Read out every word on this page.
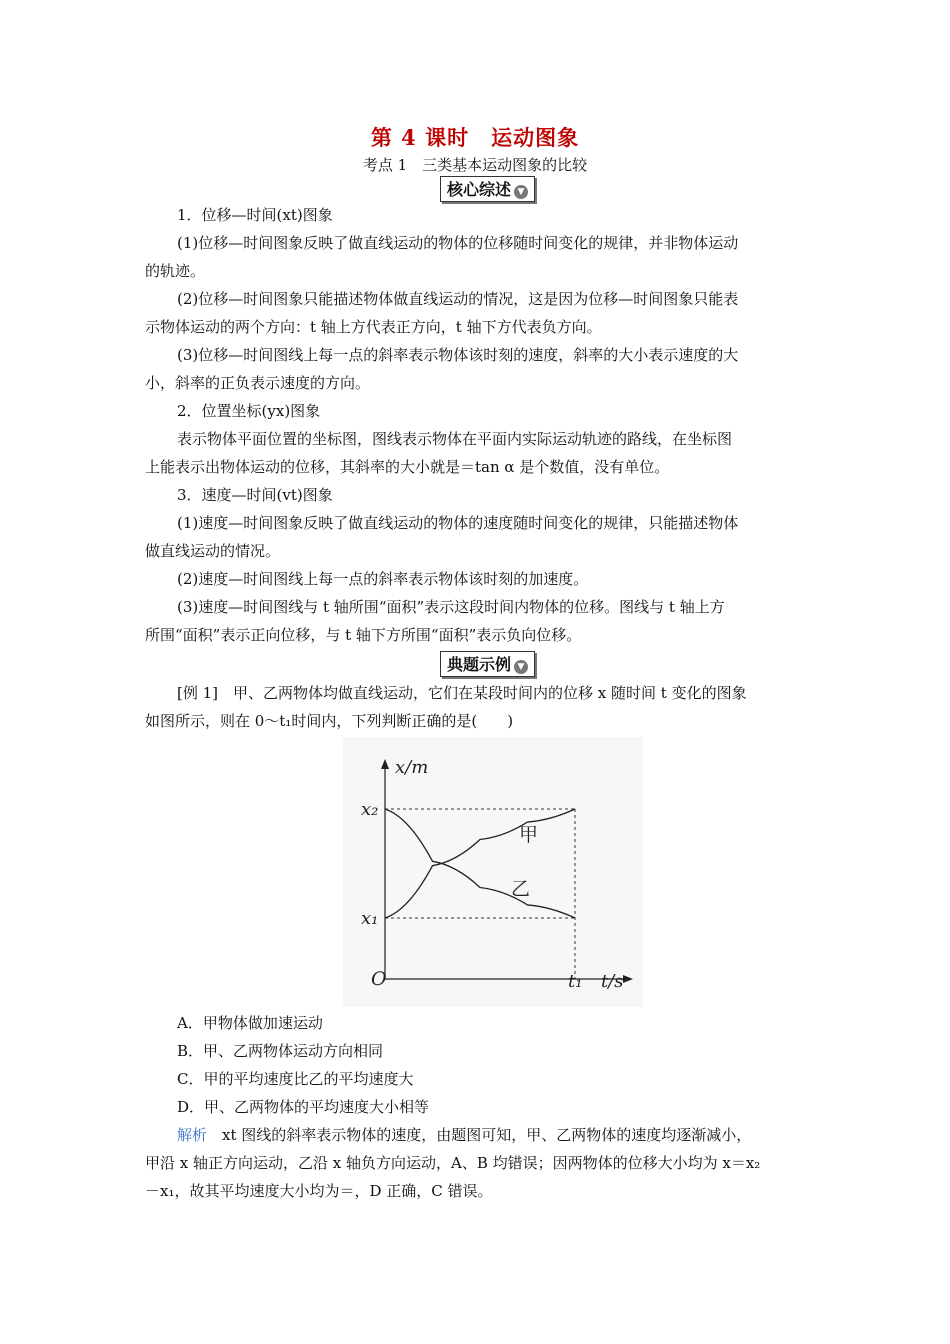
第 4 课时　运动图象
考点 1　三类基本运动图象的比较
核心综述 ▼
1．位移—时间(xt)图象
(1)位移—时间图象反映了做直线运动的物体的位移随时间变化的规律，并非物体运动
的轨迹。
(2)位移—时间图象只能描述物体做直线运动的情况，这是因为位移—时间图象只能表
示物体运动的两个方向：t 轴上方代表正方向，t 轴下方代表负方向。
(3)位移—时间图线上每一点的斜率表示物体该时刻的速度，斜率的大小表示速度的大
小，斜率的正负表示速度的方向。
2．位置坐标(yx)图象
表示物体平面位置的坐标图，图线表示物体在平面内实际运动轨迹的路线，在坐标图
上能表示出物体运动的位移，其斜率的大小就是＝tan α 是个数值，没有单位。
3．速度—时间(vt)图象
(1)速度—时间图象反映了做直线运动的物体的速度随时间变化的规律，只能描述物体
做直线运动的情况。
(2)速度—时间图线上每一点的斜率表示物体该时刻的加速度。
(3)速度—时间图线与 t 轴所围“面积”表示这段时间内物体的位移。图线与 t 轴上方
所围“面积”表示正向位移，与 t 轴下方所围“面积”表示负向位移。
典题示例 ▼
[例 1]　甲、乙两物体均做直线运动，它们在某段时间内的位移 x 随时间 t 变化的图象
如图所示，则在 0～t₁时间内，下列判断正确的是(　　)
甲
乙
x/m
t/s
O
x₂
x₁
t₁
A．甲物体做加速运动
B．甲、乙两物体运动方向相同
C．甲的平均速度比乙的平均速度大
D．甲、乙两物体的平均速度大小相等
解析　xt 图线的斜率表示物体的速度，由题图可知，甲、乙两物体的速度均逐渐减小，
甲沿 x 轴正方向运动，乙沿 x 轴负方向运动，A、B 均错误；因两物体的位移大小均为 x＝x₂
－x₁，故其平均速度大小均为＝，D 正确，C 错误。
